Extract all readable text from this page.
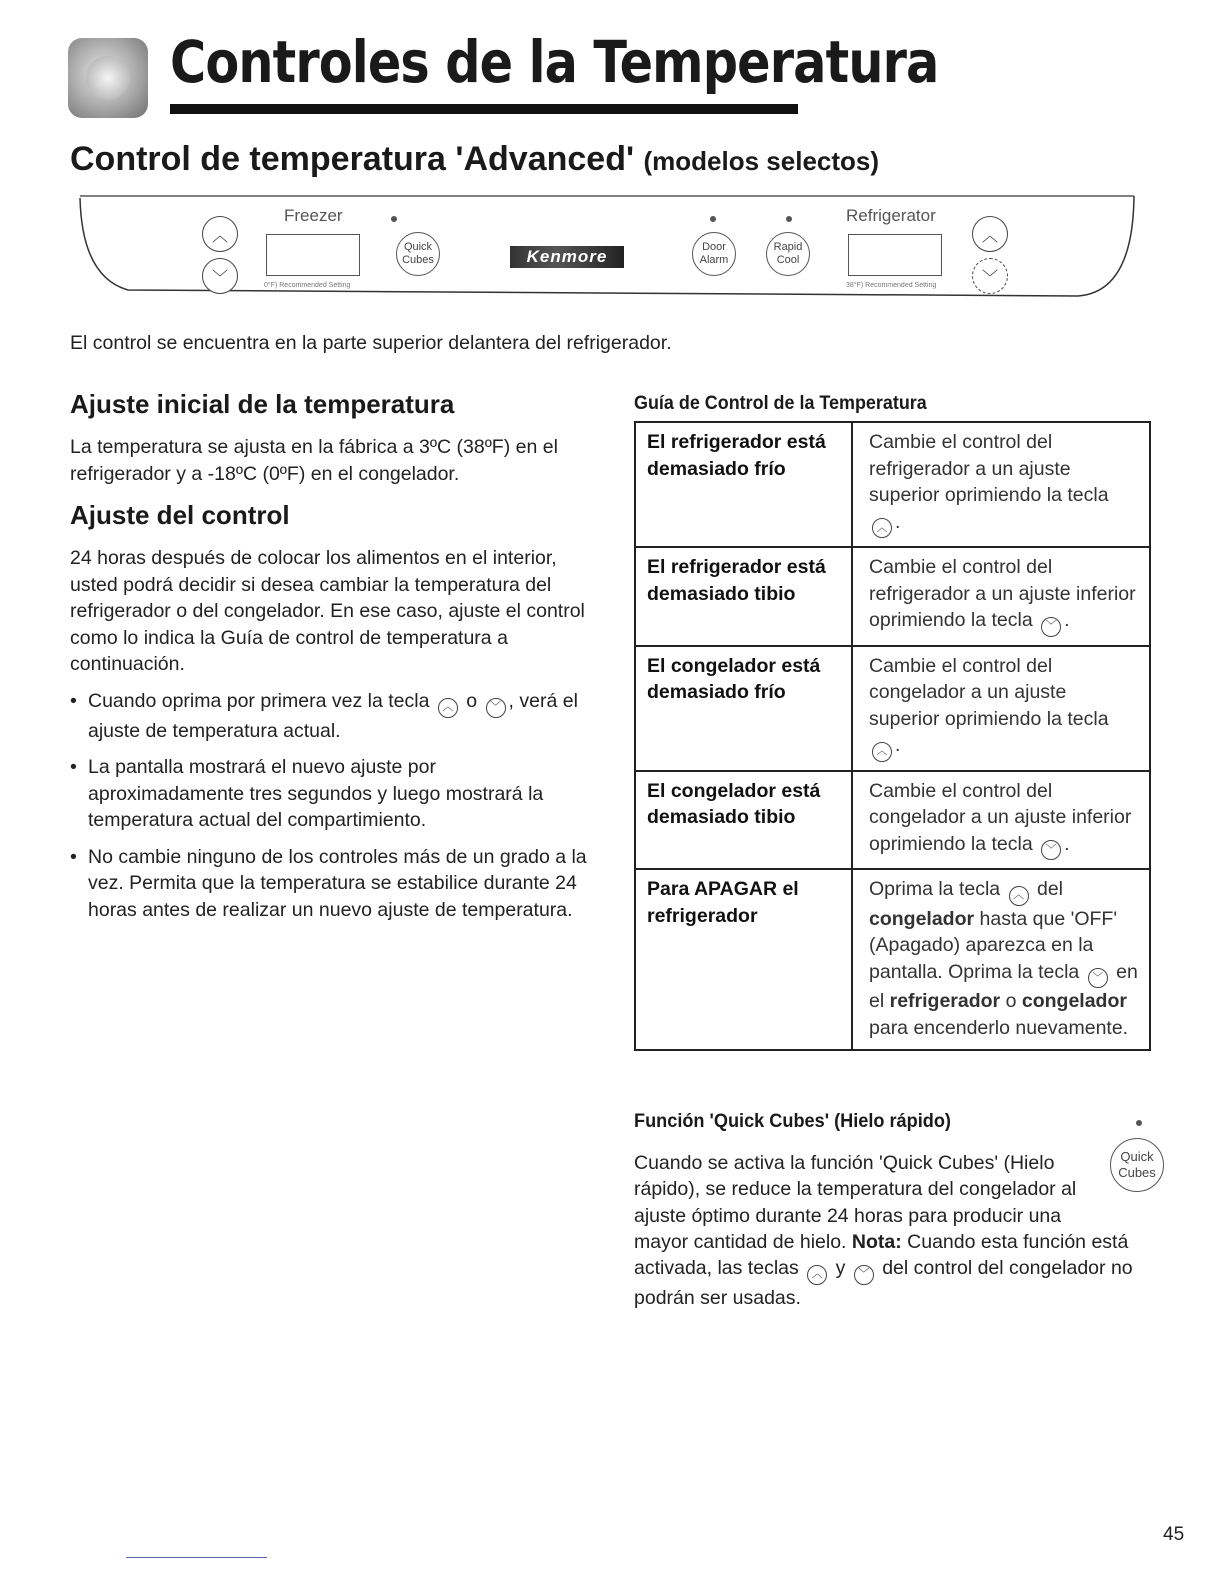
Controles de la Temperatura
Control de temperatura 'Advanced' (modelos selectos)
︿
﹀
Freezer
0°F) Recommended Setting
Quick
Cubes	Kenmore	Door
Alarm
Rapid
Cool
Refrigerator
38°F) Recommended Setting
︿
﹀
El control se encuentra en la parte superior delantera del refrigerador.
Ajuste inicial de la temperatura
La temperatura se ajusta en la fábrica a 3ºC (38ºF) en el refrigerador y a -18ºC (0ºF) en el congelador.
Ajuste del control
24 horas después de colocar los alimentos en el interior, usted podrá decidir si desea cambiar la temperatura del refrigerador o del congelador. En ese caso, ajuste el control como lo indica la Guía de control de temperatura a continuación.
• Cuando oprima por primera vez la tecla ︿ o ﹀ , verá el ajuste de temperatura actual.
• La pantalla mostrará el nuevo ajuste por aproximadamente tres segundos y luego mostrará la temperatura actual del compartimiento.
• No cambie ninguno de los controles más de un grado a la vez. Permita que la temperatura se estabilice durante 24 horas antes de realizar un nuevo ajuste de temperatura.
Guía de Control de la Temperatura
El refrigerador está demasiado frío	Cambie el control del refrigerador a un ajuste superior oprimiendo la tecla ︿ .
El refrigerador está demasiado tibio	Cambie el control del refrigerador a un ajuste inferior oprimiendo la tecla ﹀ .
El congelador está demasiado frío	Cambie el control del congelador a un ajuste superior oprimiendo la tecla ︿ .
El congelador está demasiado tibio	Cambie el control del congelador a un ajuste inferior oprimiendo la tecla ﹀ .
Para APAGAR el refrigerador	Oprima la tecla ︿ del congelador hasta que 'OFF' (Apagado) aparezca en la pantalla. Oprima la tecla ﹀ en el refrigerador o congelador para encenderlo nuevamente.
Función 'Quick Cubes' (Hielo rápido)
Quick
Cubes
Cuando se activa la función 'Quick Cubes' (Hielo rápido), se reduce la temperatura del congelador al ajuste óptimo durante 24 horas para producir una mayor cantidad de hielo. Nota: Cuando esta función está activada, las teclas ︿ y ﹀ del control del congelador no podrán ser usadas.
45
